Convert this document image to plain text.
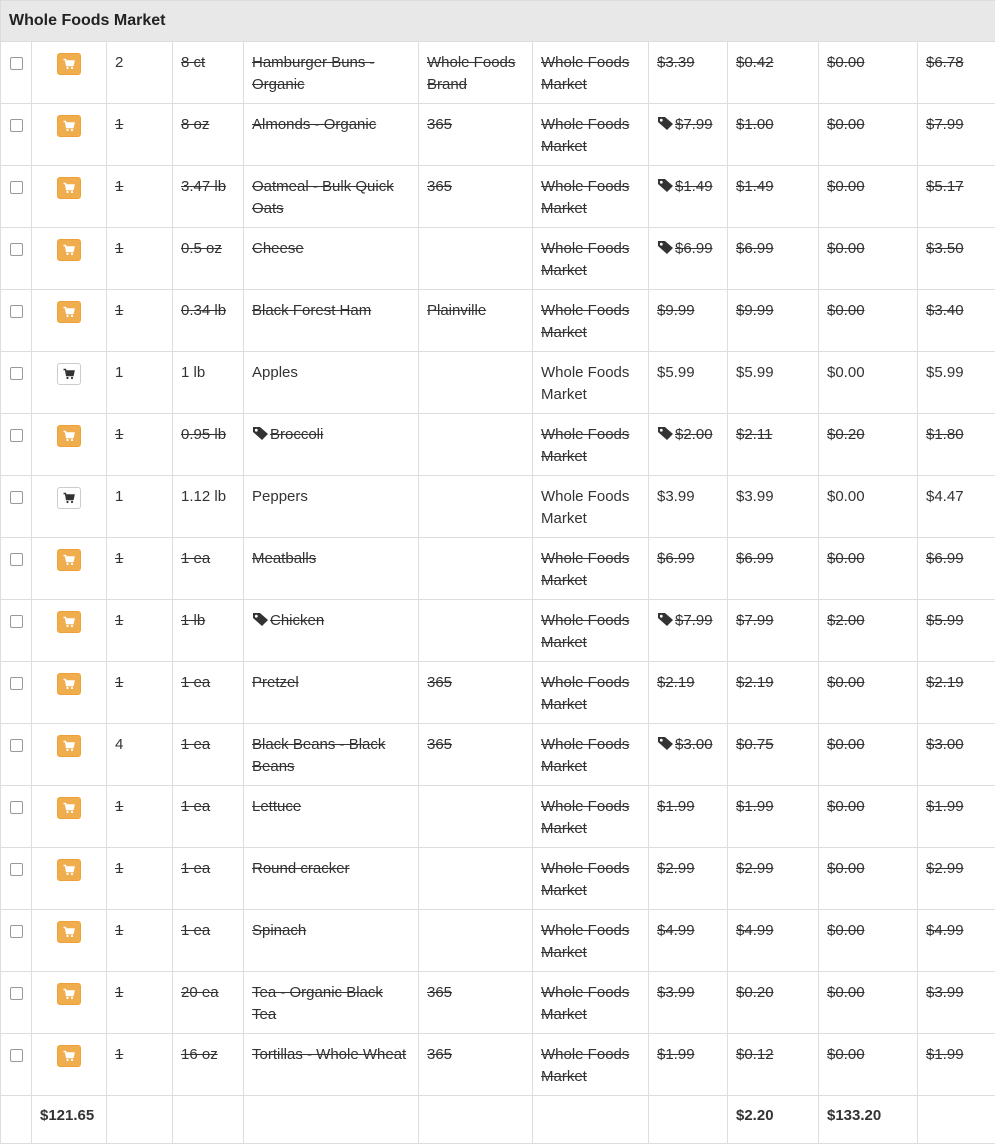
Whole Foods Market										

	2	8 ct	Hamburger Buns - Organic	Whole Foods Brand	Whole Foods Market	$3.39	$0.42	$0.00	$6.78

	1	8 oz	Almonds - Organic	365	Whole Foods Market	$7.99	$1.00	$0.00	$7.99

	1	3.47 lb	Oatmeal - Bulk Quick Oats	365	Whole Foods Market	$1.49	$1.49	$0.00	$5.17

	1	0.5 oz	Cheese		Whole Foods Market	$6.99	$6.99	$0.00	$3.50

	1	0.34 lb	Black Forest Ham	Plainville	Whole Foods Market	$9.99	$9.99	$0.00	$3.40

	1	1 lb	Apples		Whole Foods Market	$5.99	$5.99	$0.00	$5.99

	1	0.95 lb	Broccoli		Whole Foods Market	$2.00	$2.11	$0.20	$1.80

	1	1.12 lb	Peppers		Whole Foods Market	$3.99	$3.99	$0.00	$4.47

	1	1 ea	Meatballs		Whole Foods Market	$6.99	$6.99	$0.00	$6.99

	1	1 lb	Chicken		Whole Foods Market	$7.99	$7.99	$2.00	$5.99

	1	1 ea	Pretzel	365	Whole Foods Market	$2.19	$2.19	$0.00	$2.19

	4	1 ea	Black Beans - Black Beans	365	Whole Foods Market	$3.00	$0.75	$0.00	$3.00

	1	1 ea	Lettuce		Whole Foods Market	$1.99	$1.99	$0.00	$1.99

	1	1 ea	Round cracker		Whole Foods Market	$2.99	$2.99	$0.00	$2.99

	1	1 ea	Spinach		Whole Foods Market	$4.99	$4.99	$0.00	$4.99

	1	20 ea	Tea - Organic Black Tea	365	Whole Foods Market	$3.99	$0.20	$0.00	$3.99

	1	16 oz	Tortillas - Whole Wheat	365	Whole Foods Market	$1.99	$0.12	$0.00	$1.99
	$121.65							$2.20	$133.20	
